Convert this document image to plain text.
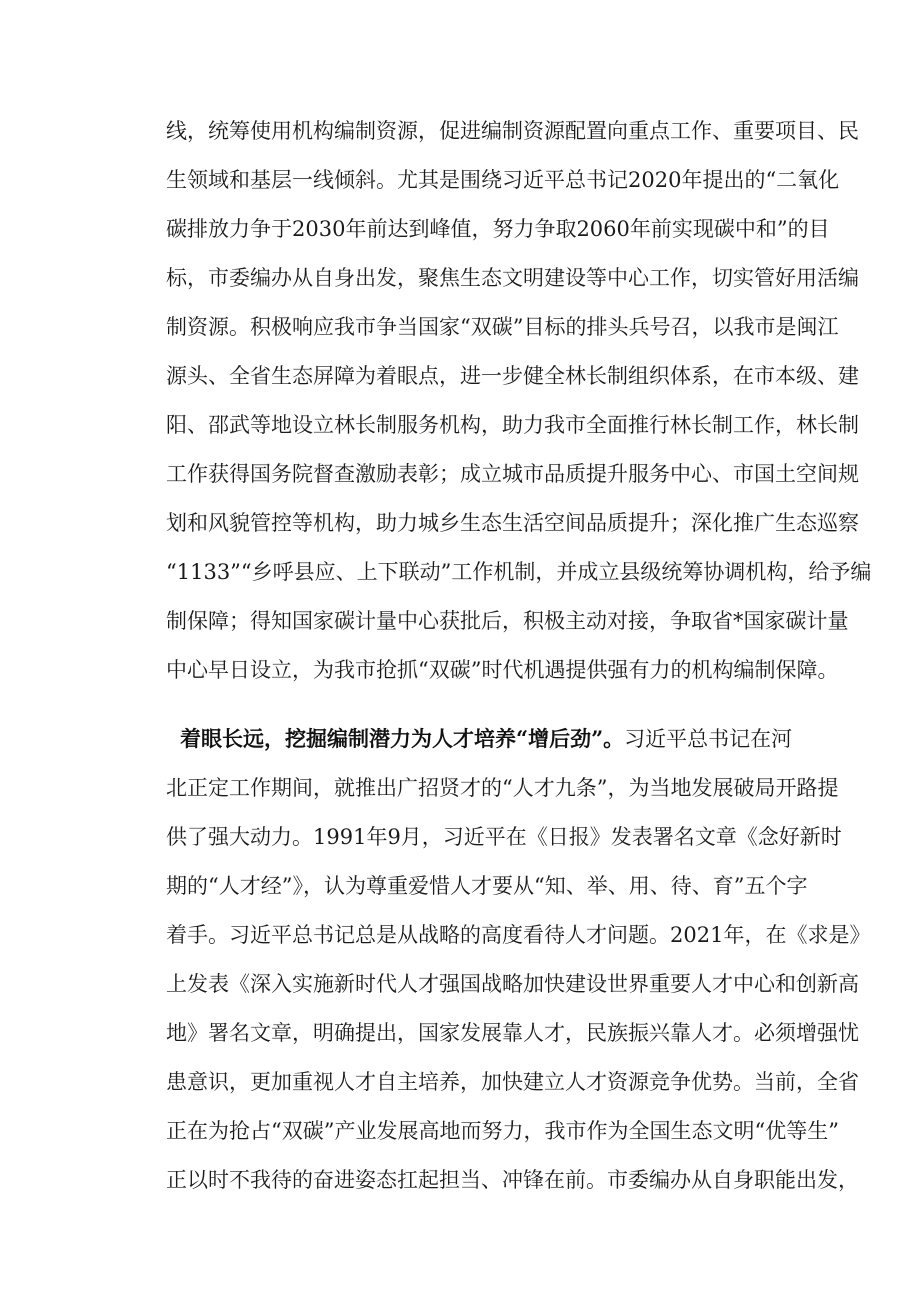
线，统筹使用机构编制资源，促进编制资源配置向重点工作、重要项目、民
生领域和基层一线倾斜。尤其是围绕习近平总书记2020年提出的“二氧化
碳排放力争于2030年前达到峰值，努力争取2060年前实现碳中和”的目
标，市委编办从自身出发，聚焦生态文明建设等中心工作，切实管好用活编
制资源。积极响应我市争当国家“双碳”目标的排头兵号召，以我市是闽江
源头、全省生态屏障为着眼点，进一步健全林长制组织体系，在市本级、建
阳、邵武等地设立林长制服务机构，助力我市全面推行林长制工作，林长制
工作获得国务院督查激励表彰；成立城市品质提升服务中心、市国土空间规
划和风貌管控等机构，助力城乡生态生活空间品质提升；深化推广生态巡察
“1133”“乡呼县应、上下联动”工作机制，并成立县级统筹协调机构，给予编
制保障；得知国家碳计量中心获批后，积极主动对接，争取省*国家碳计量
中心早日设立，为我市抢抓“双碳”时代机遇提供强有力的机构编制保障。
着眼长远，挖掘编制潜力为人才培养“增后劲”。习近平总书记在河
北正定工作期间，就推出广招贤才的“人才九条”，为当地发展破局开路提
供了强大动力。1991年9月，习近平在《日报》发表署名文章《念好新时
期的“人才经”》，认为尊重爱惜人才要从“知、举、用、待、育”五个字
着手。习近平总书记总是从战略的高度看待人才问题。2021年，在《求是》
上发表《深入实施新时代人才强国战略加快建设世界重要人才中心和创新高
地》署名文章，明确提出，国家发展靠人才，民族振兴靠人才。必须增强忧
患意识，更加重视人才自主培养，加快建立人才资源竞争优势。当前，全省
正在为抢占“双碳”产业发展高地而努力，我市作为全国生态文明“优等生”
正以时不我待的奋进姿态扛起担当、冲锋在前。市委编办从自身职能出发，
